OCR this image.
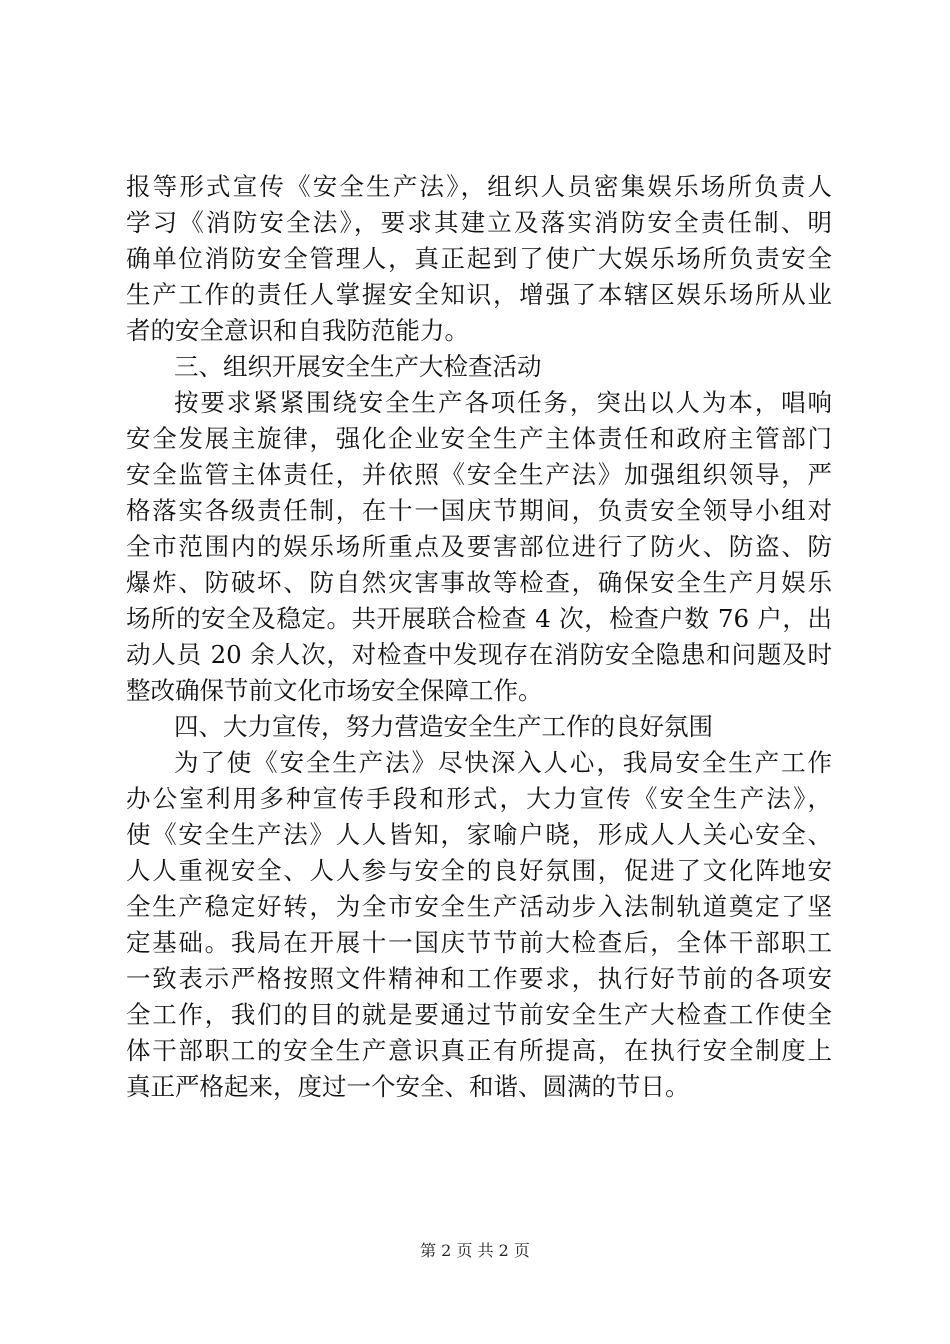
报等形式宣传《安全生产法》，组织人员密集娱乐场所负责人
学习《消防安全法》，要求其建立及落实消防安全责任制、明
确单位消防安全管理人，真正起到了使广大娱乐场所负责安全
生产工作的责任人掌握安全知识，增强了本辖区娱乐场所从业
者的安全意识和自我防范能力。
三、组织开展安全生产大检查活动
按要求紧紧围绕安全生产各项任务，突出以人为本，唱响
安全发展主旋律，强化企业安全生产主体责任和政府主管部门
安全监管主体责任，并依照《安全生产法》加强组织领导，严
格落实各级责任制，在十一国庆节期间，负责安全领导小组对
全市范围内的娱乐场所重点及要害部位进行了防火、防盗、防
爆炸、防破坏、防自然灾害事故等检查，确保安全生产月娱乐
场所的安全及稳定。共开展联合检查 4 次，检查户数 76 户，出
动人员 20 余人次，对检查中发现存在消防安全隐患和问题及时
整改确保节前文化市场安全保障工作。
四、大力宣传，努力营造安全生产工作的良好氛围
为了使《安全生产法》尽快深入人心，我局安全生产工作
办公室利用多种宣传手段和形式，大力宣传《安全生产法》，
使《安全生产法》人人皆知，家喻户晓，形成人人关心安全、
人人重视安全、人人参与安全的良好氛围，促进了文化阵地安
全生产稳定好转，为全市安全生产活动步入法制轨道奠定了坚
定基础。我局在开展十一国庆节节前大检查后，全体干部职工
一致表示严格按照文件精神和工作要求，执行好节前的各项安
全工作，我们的目的就是要通过节前安全生产大检查工作使全
体干部职工的安全生产意识真正有所提高，在执行安全制度上
真正严格起来，度过一个安全、和谐、圆满的节日。
第 2 页 共 2 页
